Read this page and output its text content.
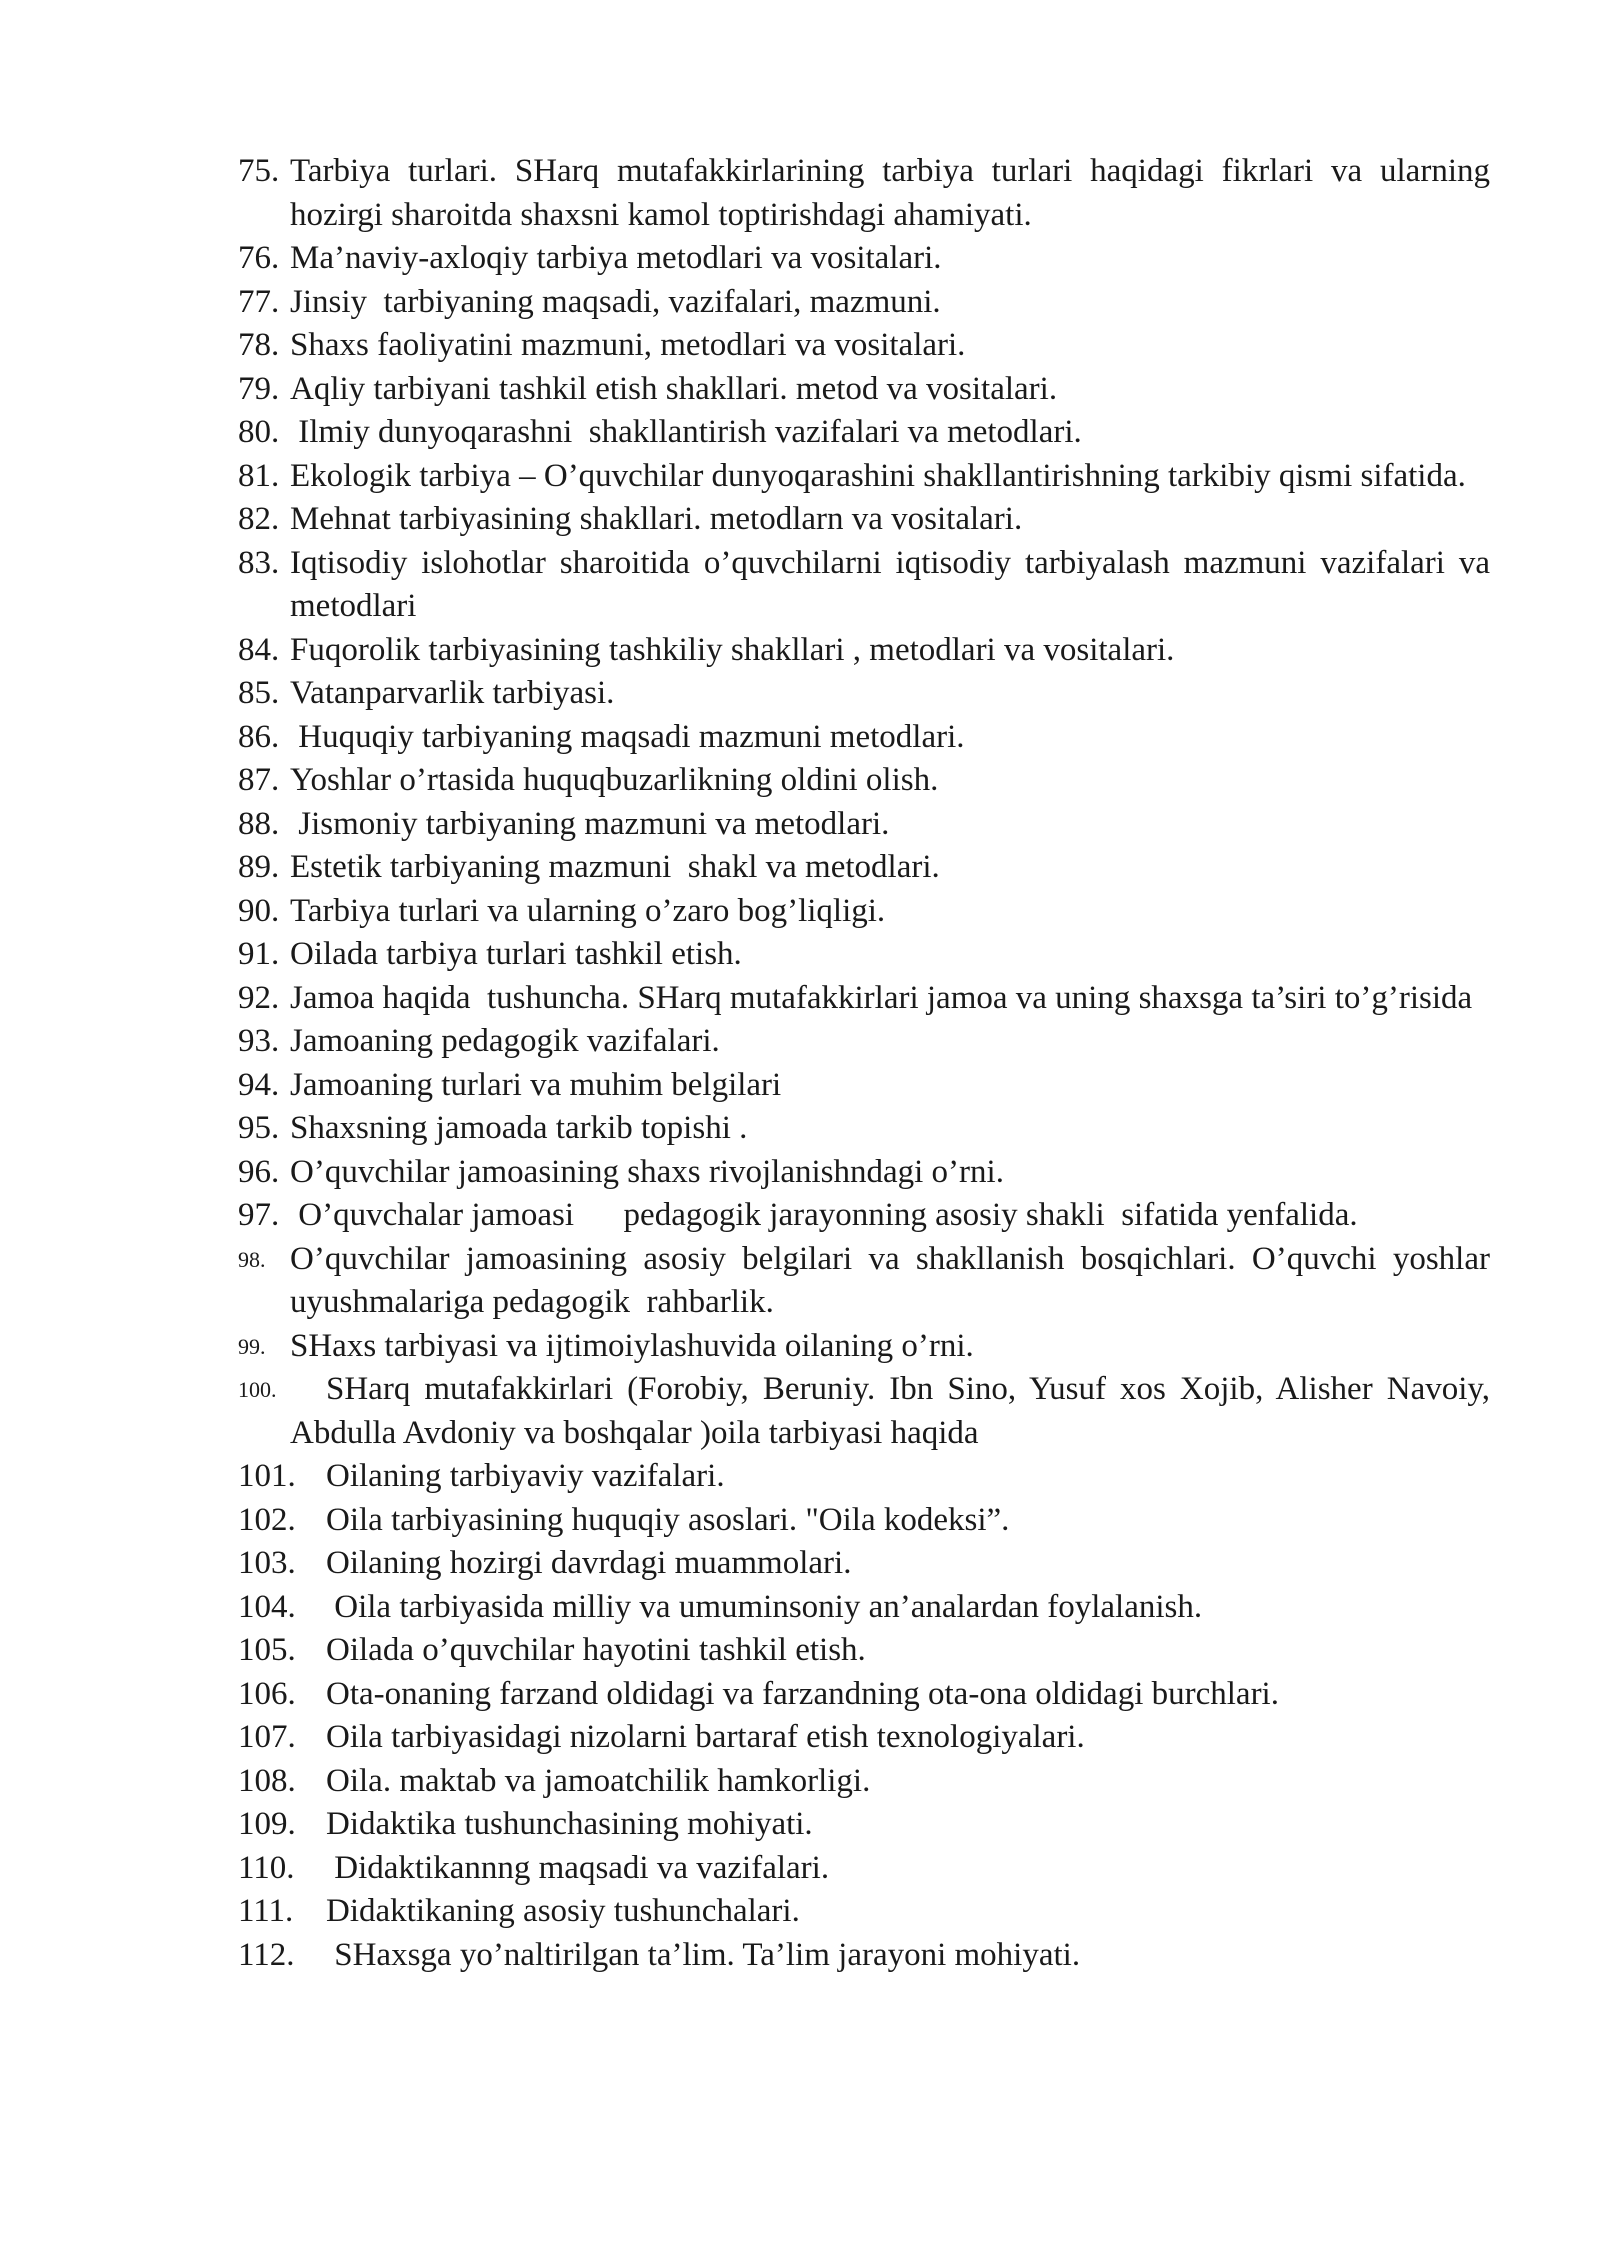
75. Tarbiya turlari. SHarq mutafakkirlarining tarbiya turlari haqidagi fikrlari va ularning hozirgi sharoitda shaxsni kamol toptirishdagi ahamiyati.
76. Ma’naviy-axloqiy tarbiya metodlari va vositalari.
77. Jinsiy  tarbiyaning maqsadi, vazifalari, mazmuni.
78. Shaxs faoliyatini mazmuni, metodlari va vositalari.
79. Aqliy tarbiyani tashkil etish shakllari. metod va vositalari.
80. Ilmiy dunyoqarashni  shakllantirish vazifalari va metodlari.
81. Ekologik tarbiya – O’quvchilar dunyoqarashini shakllantirishning tarkibiy qismi sifatida.
82. Mehnat tarbiyasining shakllari. metodlarn va vositalari.
83. Iqtisodiy islohotlar sharoitida o’quvchilarni iqtisodiy tarbiyalash mazmuni vazifalari va metodlari
84. Fuqorolik tarbiyasining tashkiliy shakllari , metodlari va vositalari.
85. Vatanparvarlik tarbiyasi.
86. Huquqiy tarbiyaning maqsadi mazmuni metodlari.
87. Yoshlar o’rtasida huquqbuzarlikning oldini olish.
88. Jismoniy tarbiyaning mazmuni va metodlari.
89. Estetik tarbiyaning mazmuni  shakl va metodlari.
90. Tarbiya turlari va ularning o’zaro bog’liqligi.
91. Oilada tarbiya turlari tashkil etish.
92. Jamoa haqida  tushuncha. SHarq mutafakkirlari jamoa va uning shaxsga ta’siri to’g’risida
93. Jamoaning pedagogik vazifalari.
94. Jamoaning turlari va muhim belgilari
95. Shaxsning jamoada tarkib topishi .
96. O’quvchilar jamoasining shaxs rivojlanishndagi o’rni.
97. O’quvchalar jamoasi      pedagogik jarayonning asosiy shakli  sifatida yenfalida.
98. O’quvchilar jamoasining asosiy belgilari va shakllanish bosqichlari. O’quvchi yoshlar uyushmalariga pedagogik  rahbarlik.
99. SHaxs tarbiyasi va ijtimoiylashuvida oilaning o’rni.
100.	SHarq mutafakkirlari (Forobiy, Beruniy. Ibn Sino, Yusuf xos Xojib, Alisher Navoiy, Abdulla Avdoniy va boshqalar )oila tarbiyasi haqida
101. Oilaning tarbiyaviy vazifalari.
102. Oila tarbiyasining huquqiy asoslari. "Oila kodeksi”.
103. Oilaning hozirgi davrdagi muammolari.
104. Oila tarbiyasida milliy va umuminsoniy an’analardan foylalanish.
105. Oilada o’quvchilar hayotini tashkil etish.
106. Ota-onaning farzand oldidagi va farzandning ota-ona oldidagi burchlari.
107. Oila tarbiyasidagi nizolarni bartaraf etish texnologiyalari.
108. Oila. maktab va jamoatchilik hamkorligi.
109. Didaktika tushunchasining mohiyati.
110. Didaktikannng maqsadi va vazifalari.
111. Didaktikaning asosiy tushunchalari.
112. SHaxsga yo’naltirilgan ta’lim. Ta’lim jarayoni mohiyati.
